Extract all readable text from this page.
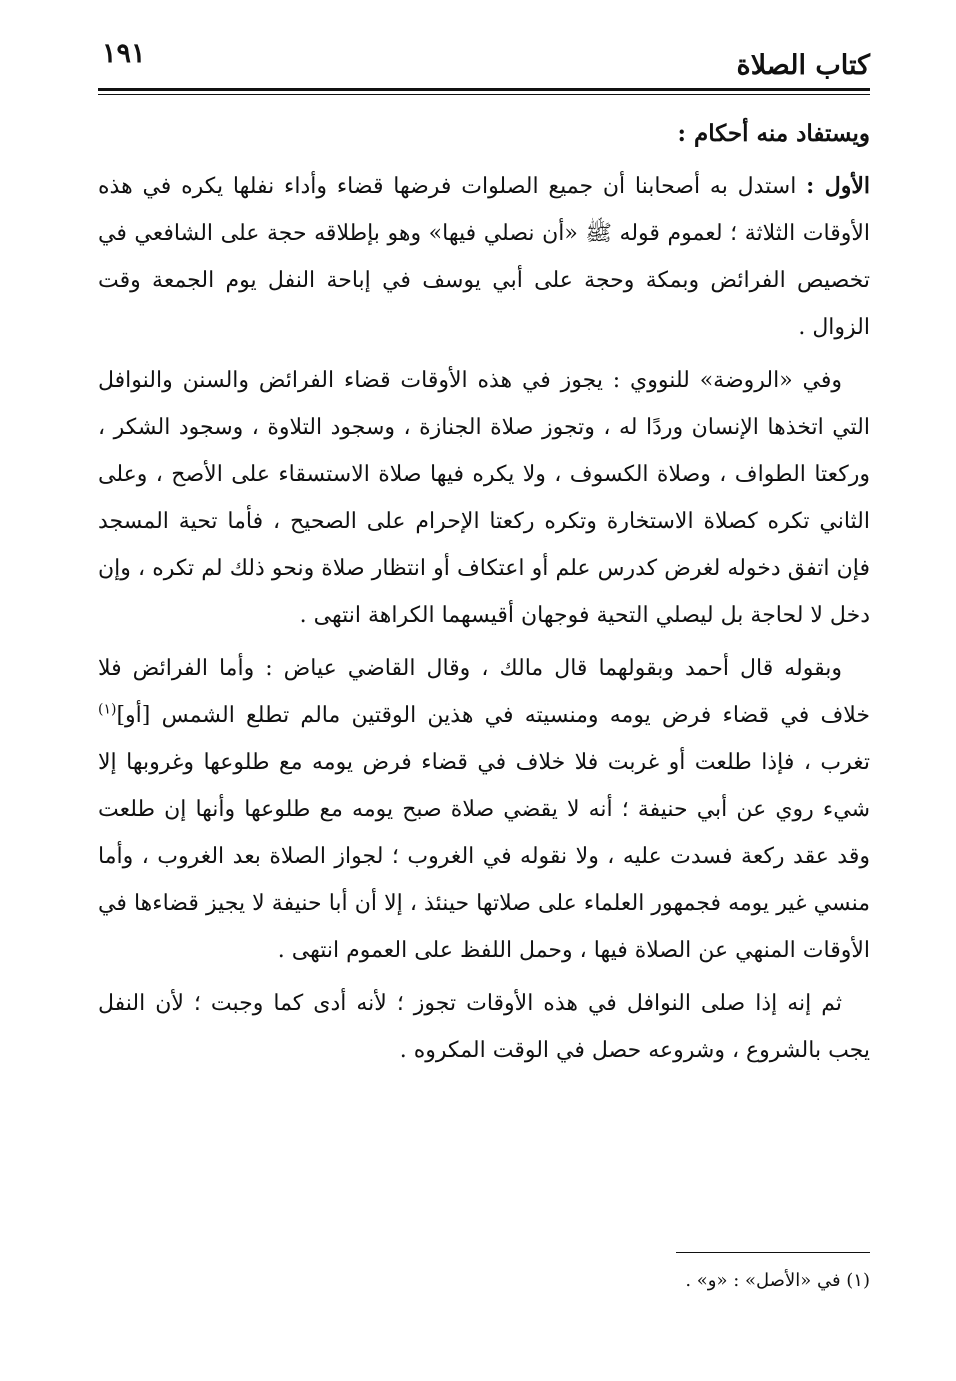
كتاب الصلاة
١٩١

ويستفاد منه أحكام :

الأول : استدل به أصحابنا أن جميع الصلوات فرضها قضاء وأداء نفلها يكره في هذه الأوقات الثلاثة ؛ لعموم قوله ﷺ «أن نصلي فيها» وهو بإطلاقه حجة على الشافعي في تخصيص الفرائض وبمكة وحجة على أبي يوسف في إباحة النفل يوم الجمعة وقت الزوال .

وفي «الروضة» للنووي : يجوز في هذه الأوقات قضاء الفرائض والسنن والنوافل التي اتخذها الإنسان وردًا له ، وتجوز صلاة الجنازة ، وسجود التلاوة ، وسجود الشكر ، وركعتا الطواف ، وصلاة الكسوف ، ولا يكره فيها صلاة الاستسقاء على الأصح ، وعلى الثاني تكره كصلاة الاستخارة وتكره ركعتا الإحرام على الصحيح ، فأما تحية المسجد فإن اتفق دخوله لغرض كدرس علم أو اعتكاف أو انتظار صلاة ونحو ذلك لم تكره ، وإن دخل لا لحاجة بل ليصلي التحية فوجهان أقيسهما الكراهة انتهى .

وبقوله قال أحمد وبقولهما قال مالك ، وقال القاضي عياض : وأما الفرائض فلا خلاف في قضاء فرض يومه ومنسيته في هذين الوقتين مالم تطلع الشمس [أو]$^{(١)}$ تغرب ، فإذا طلعت أو غربت فلا خلاف في قضاء فرض يومه مع طلوعها وغروبها إلا شيء روي عن أبي حنيفة ؛ أنه لا يقضي صلاة صبح يومه مع طلوعها وأنها إن طلعت وقد عقد ركعة فسدت عليه ، ولا نقوله في الغروب ؛ لجواز الصلاة بعد الغروب ، وأما منسي غير يومه فجمهور العلماء على صلاتها حينئذ ، إلا أن أبا حنيفة لا يجيز قضاءها في الأوقات المنهي عن الصلاة فيها ، وحمل اللفظ على العموم انتهى .

ثم إنه إذا صلى النوافل في هذه الأوقات تجوز ؛ لأنه أدى كما وجبت ؛ لأن النفل يجب بالشروع ، وشروعه حصل في الوقت المكروه .

(١) في «الأصل» : «و» .
